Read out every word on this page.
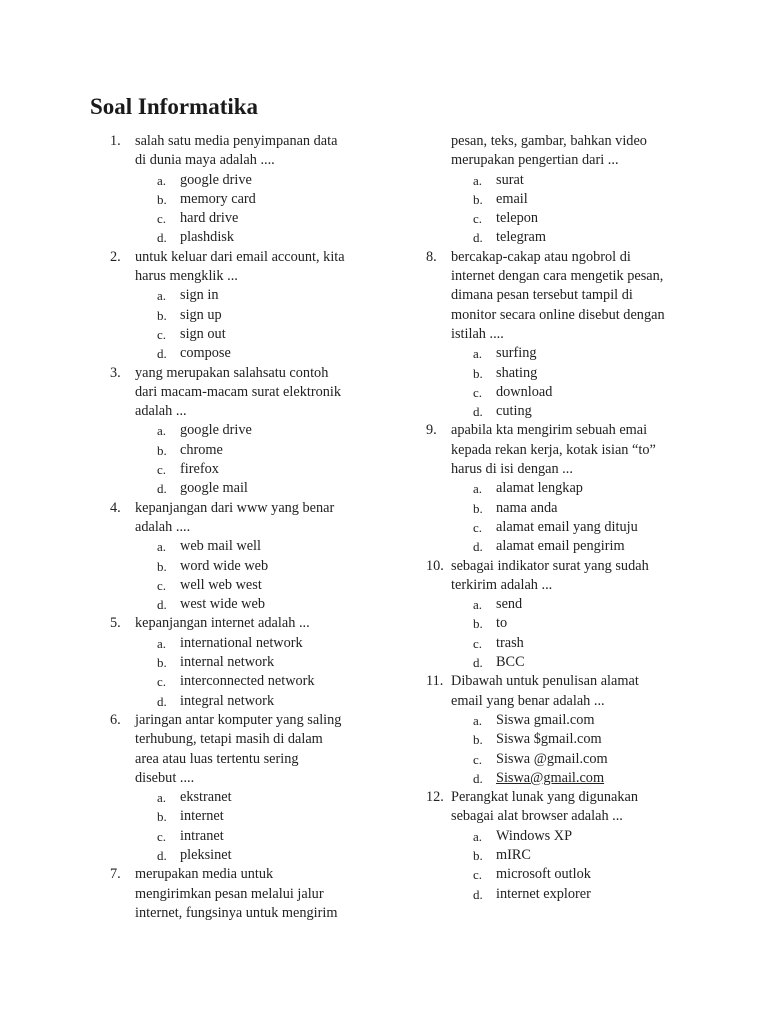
Soal Informatika
1. salah satu media penyimpanan data
di dunia maya adalah ....
a. google drive
b. memory card
c. hard drive
d. plashdisk
2. untuk keluar dari email account, kita
harus mengklik ...
a. sign in
b. sign up
c. sign out
d. compose
3. yang merupakan salahsatu contoh
dari macam-macam surat elektronik
adalah ...
a. google drive
b. chrome
c. firefox
d. google mail
4. kepanjangan dari www yang benar
adalah ....
a. web mail well
b. word wide web
c. well web west
d. west wide web
5. kepanjangan internet adalah ...
a. international network
b. internal network
c. interconnected network
d. integral network
6. jaringan antar komputer yang saling
terhubung, tetapi masih di dalam
area atau luas tertentu sering
disebut ....
a. ekstranet
b. internet
c. intranet
d. pleksinet
7. merupakan media untuk
mengirimkan pesan melalui jalur
internet, fungsinya untuk mengirim
pesan, teks, gambar, bahkan video
merupakan pengertian dari ...
a. surat
b. email
c. telepon
d. telegram
8. bercakap-cakap atau ngobrol di
internet dengan cara mengetik pesan,
dimana pesan tersebut tampil di
monitor secara online disebut dengan
istilah ....
a. surfing
b. shating
c. download
d. cuting
9. apabila kta mengirim sebuah emai
kepada rekan kerja, kotak isian “to”
harus di isi dengan ...
a. alamat lengkap
b. nama anda
c. alamat email yang dituju
d. alamat email pengirim
10. sebagai indikator surat yang sudah
terkirim adalah ...
a. send
b. to
c. trash
d. BCC
11. Dibawah untuk penulisan alamat
email yang benar adalah ...
a. Siswa gmail.com
b. Siswa $gmail.com
c. Siswa @gmail.com
d. Siswa@gmail.com
12. Perangkat lunak yang digunakan
sebagai alat browser adalah ...
a. Windows XP
b. mIRC
c. microsoft outlok
d. internet explorer
